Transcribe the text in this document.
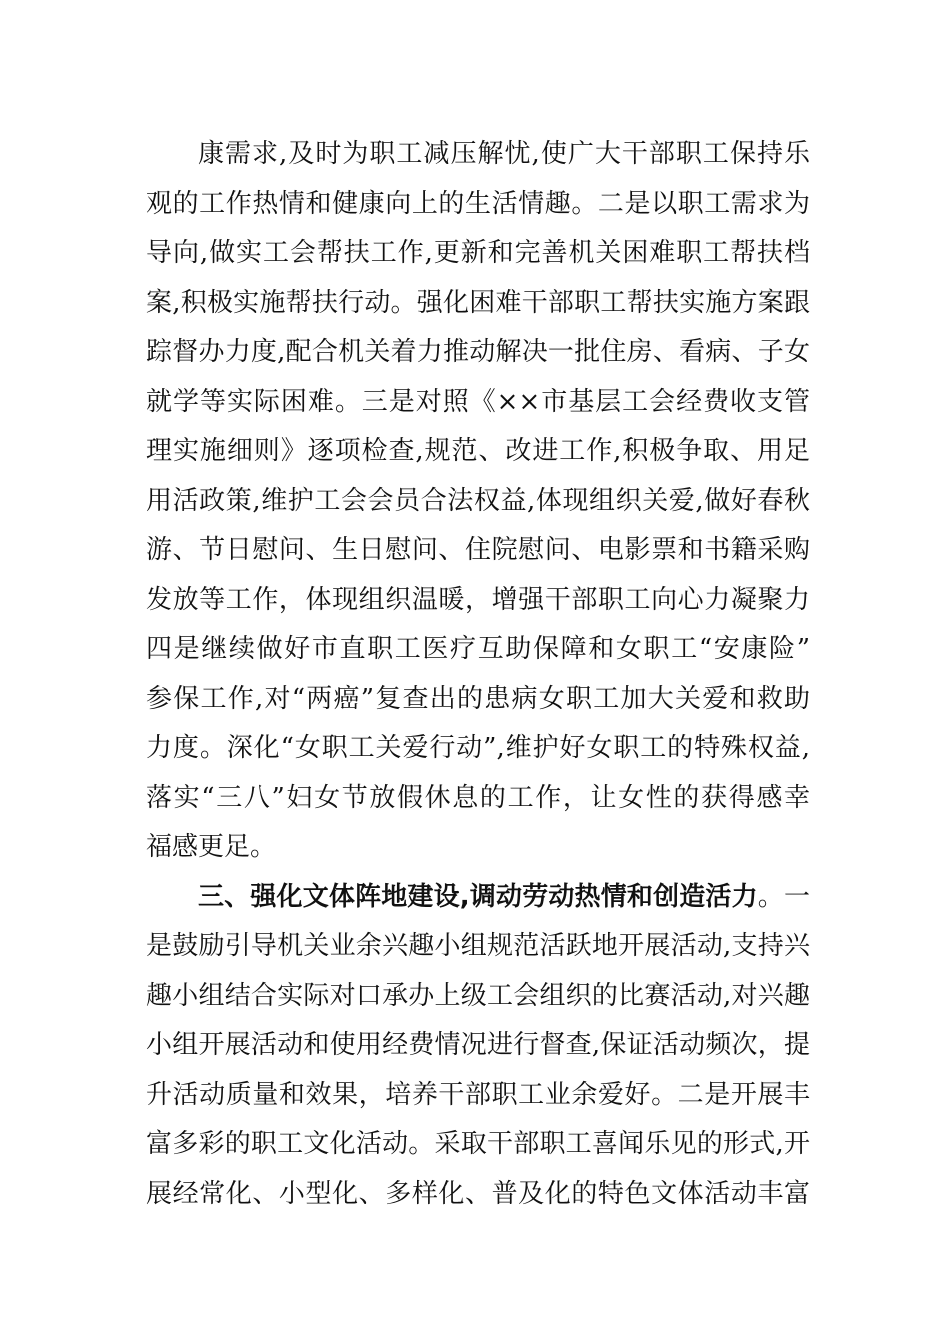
康需求,及时为职工减压解忧,使广大干部职工保持乐
观的工作热情和健康向上的生活情趣。二是以职工需求为
导向,做实工会帮扶工作,更新和完善机关困难职工帮扶档
案,积极实施帮扶行动。强化困难干部职工帮扶实施方案跟
踪督办力度,配合机关着力推动解决一批住房、看病、子女
就学等实际困难。三是对照《××市基层工会经费收支管
理实施细则》逐项检查,规范、改进工作,积极争取、用足
用活政策,维护工会会员合法权益,体现组织关爱,做好春秋
游、节日慰问、生日慰问、住院慰问、电影票和书籍采购
发放等工作，体现组织温暖，增强干部职工向心力凝聚力
四是继续做好市直职工医疗互助保障和女职工“安康险”
参保工作,对“两癌”复查出的患病女职工加大关爱和救助
力度。深化“女职工关爱行动”,维护好女职工的特殊权益,
落实“三八”妇女节放假休息的工作，让女性的获得感幸
福感更足。
三、强化文体阵地建设,调动劳动热情和创造活力。一
是鼓励引导机关业余兴趣小组规范活跃地开展活动,支持兴
趣小组结合实际对口承办上级工会组织的比赛活动,对兴趣
小组开展活动和使用经费情况进行督查,保证活动频次，提
升活动质量和效果，培养干部职工业余爱好。二是开展丰
富多彩的职工文化活动。采取干部职工喜闻乐见的形式,开
展经常化、小型化、多样化、普及化的特色文体活动丰富
